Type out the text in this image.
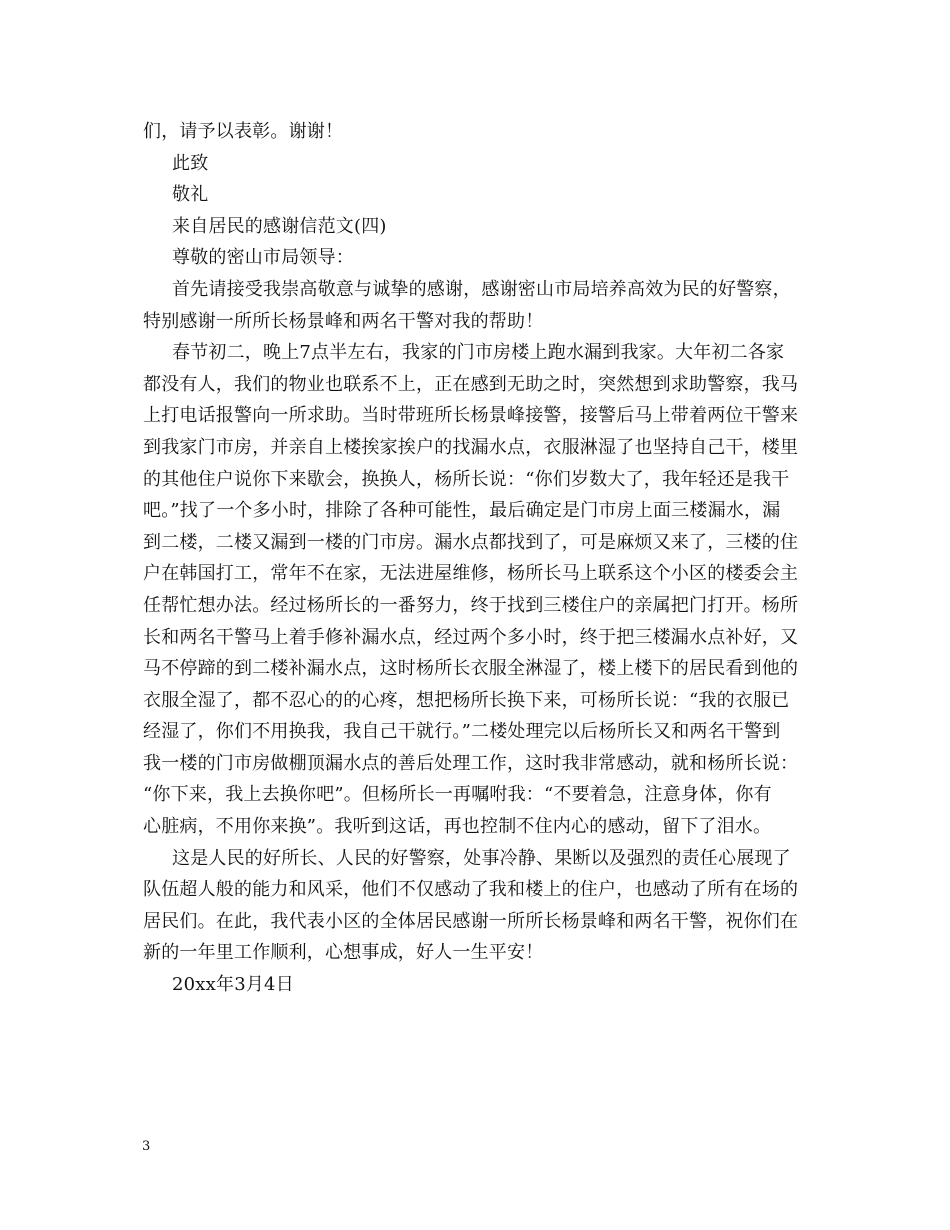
们，请予以表彰。谢谢！
此致
敬礼
来自居民的感谢信范文(四)
尊敬的密山市局领导：
首先请接受我崇高敬意与诚挚的感谢，感谢密山市局培养高效为民的好警察，
特别感谢一所所长杨景峰和两名干警对我的帮助！
春节初二，晚上7点半左右，我家的门市房楼上跑水漏到我家。大年初二各家
都没有人，我们的物业也联系不上，正在感到无助之时，突然想到求助警察，我马
上打电话报警向一所求助。当时带班所长杨景峰接警，接警后马上带着两位干警来
到我家门市房，并亲自上楼挨家挨户的找漏水点，衣服淋湿了也坚持自己干，楼里
的其他住户说你下来歇会，换换人，杨所长说：“你们岁数大了，我年轻还是我干
吧。”找了一个多小时，排除了各种可能性，最后确定是门市房上面三楼漏水，漏
到二楼，二楼又漏到一楼的门市房。漏水点都找到了，可是麻烦又来了，三楼的住
户在韩国打工，常年不在家，无法进屋维修，杨所长马上联系这个小区的楼委会主
任帮忙想办法。经过杨所长的一番努力，终于找到三楼住户的亲属把门打开。杨所
长和两名干警马上着手修补漏水点，经过两个多小时，终于把三楼漏水点补好，又
马不停蹄的到二楼补漏水点，这时杨所长衣服全淋湿了，楼上楼下的居民看到他的
衣服全湿了，都不忍心的的心疼，想把杨所长换下来，可杨所长说：“我的衣服已
经湿了，你们不用换我，我自己干就行。”二楼处理完以后杨所长又和两名干警到
我一楼的门市房做棚顶漏水点的善后处理工作，这时我非常感动，就和杨所长说：
“你下来，我上去换你吧”。但杨所长一再嘱咐我：“不要着急，注意身体，你有
心脏病，不用你来换”。我听到这话，再也控制不住内心的感动，留下了泪水。
这是人民的好所长、人民的好警察，处事冷静、果断以及强烈的责任心展现了
队伍超人般的能力和风采，他们不仅感动了我和楼上的住户，也感动了所有在场的
居民们。在此，我代表小区的全体居民感谢一所所长杨景峰和两名干警，祝你们在
新的一年里工作顺利，心想事成，好人一生平安！
20xx年3月4日
3
